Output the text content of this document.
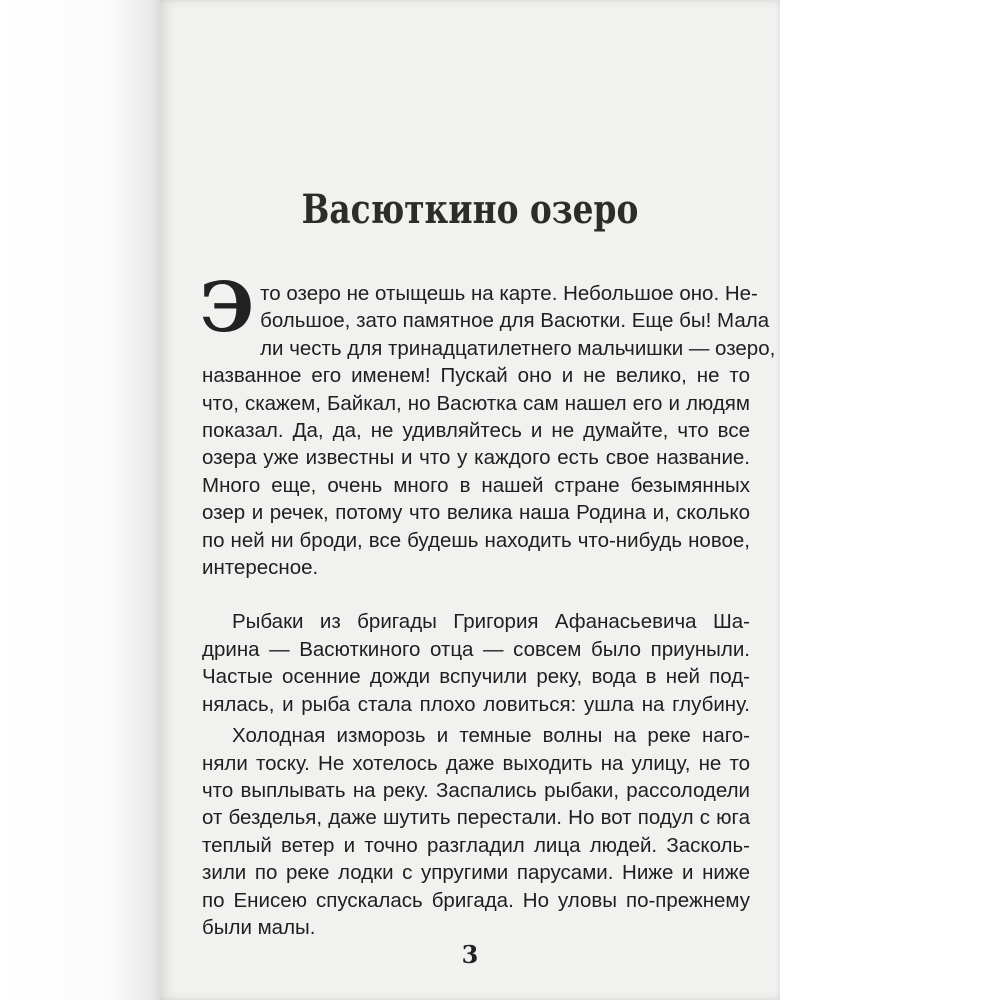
Васюткино озеро

Э то озеро не отыщешь на карте. Небольшое оно. Не-
большое, зато памятное для Васютки. Еще бы! Мала
ли честь для тринадцатилетнего мальчишки — озеро,
названное его именем! Пускай оно и не велико, не то
что, скажем, Байкал, но Васютка сам нашел его и людям
показал. Да, да, не удивляйтесь и не думайте, что все
озера уже известны и что у каждого есть свое название.
Много еще, очень много в нашей стране безымянных
озер и речек, потому что велика наша Родина и, сколько
по ней ни броди, все будешь находить что-нибудь новое,
интересное.

Рыбаки из бригады Григория Афанасьевича Ша-
дрина — Васюткиного отца — совсем было приуныли.
Частые осенние дожди вспучили реку, вода в ней под-
нялась, и рыба стала плохо ловиться: ушла на глубину.

Холодная изморозь и темные волны на реке наго-
няли тоску. Не хотелось даже выходить на улицу, не то
что выплывать на реку. Заспались рыбаки, рассолодели
от безделья, даже шутить перестали. Но вот подул с юга
теплый ветер и точно разгладил лица людей. Засколь-
зили по реке лодки с упругими парусами. Ниже и ниже
по Енисею спускалась бригада. Но уловы по-прежнему
были малы.

3
